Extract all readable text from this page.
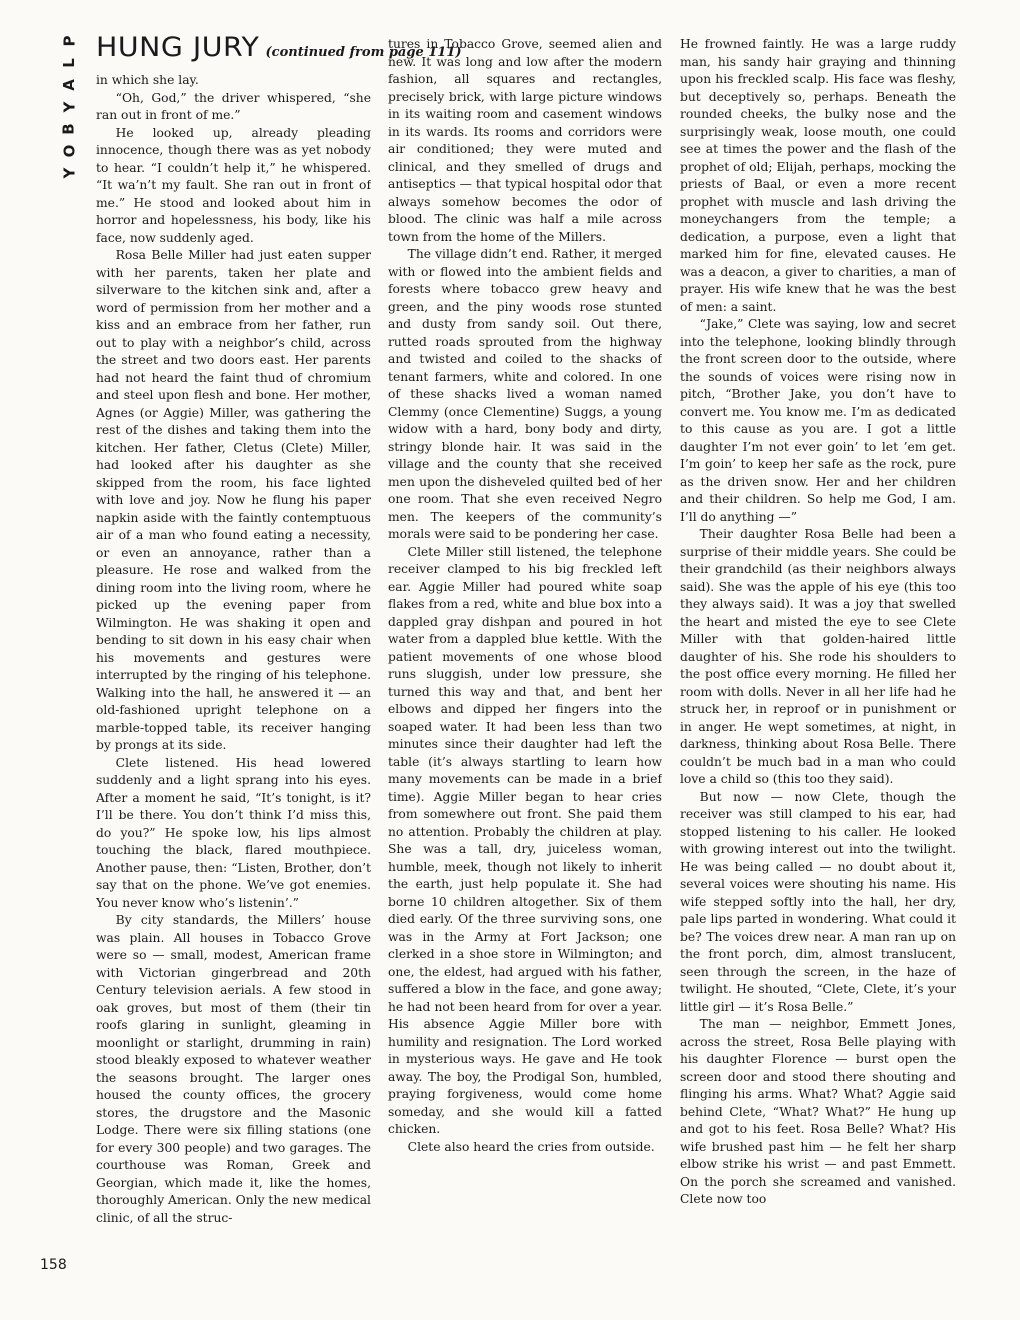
P
L
A
Y
B
O
Y
HUNG JURY (continued from page 111)

in which she lay.

“Oh, God,” the driver whispered, “she ran out in front of me.”

He looked up, already pleading innocence, though there was as yet nobody to hear. “I couldn’t help it,” he whispered. “It wa’n’t my fault. She ran out in front of me.” He stood and looked about him in horror and hopelessness, his body, like his face, now suddenly aged.

Rosa Belle Miller had just eaten supper with her parents, taken her plate and silverware to the kitchen sink and, after a word of permission from her mother and a kiss and an embrace from her father, run out to play with a neighbor’s child, across the street and two doors east. Her parents had not heard the faint thud of chromium and steel upon flesh and bone. Her mother, Agnes (or Aggie) Miller, was gathering the rest of the dishes and taking them into the kitchen. Her father, Cletus (Clete) Miller, had looked after his daughter as she skipped from the room, his face lighted with love and joy. Now he flung his paper napkin aside with the faintly contemptuous air of a man who found eating a necessity, or even an annoyance, rather than a pleasure. He rose and walked from the dining room into the living room, where he picked up the evening paper from Wilmington. He was shaking it open and bending to sit down in his easy chair when his movements and gestures were interrupted by the ringing of his telephone. Walking into the hall, he answered it — an old-fashioned upright telephone on a marble-topped table, its receiver hanging by prongs at its side.

Clete listened. His head lowered suddenly and a light sprang into his eyes. After a moment he said, “It’s tonight, is it? I’ll be there. You don’t think I’d miss this, do you?” He spoke low, his lips almost touching the black, flared mouthpiece. Another pause, then: “Listen, Brother, don’t say that on the phone. We’ve got enemies. You never know who’s listenin’.”

By city standards, the Millers’ house was plain. All houses in Tobacco Grove were so — small, modest, American frame with Victorian gingerbread and 20th Century television aerials. A few stood in oak groves, but most of them (their tin roofs glaring in sunlight, gleaming in moonlight or starlight, drumming in rain) stood bleakly exposed to whatever weather the seasons brought. The larger ones housed the county offices, the grocery stores, the drugstore and the Masonic Lodge. There were six filling stations (one for every 300 people) and two garages. The courthouse was Roman, Greek and Georgian, which made it, like the homes, thoroughly American. Only the new medical clinic, of all the struc-

tures in Tobacco Grove, seemed alien and new. It was long and low after the modern fashion, all squares and rectangles, precisely brick, with large picture windows in its waiting room and casement windows in its wards. Its rooms and corridors were air conditioned; they were muted and clinical, and they smelled of drugs and antiseptics — that typical hospital odor that always somehow becomes the odor of blood. The clinic was half a mile across town from the home of the Millers.

The village didn’t end. Rather, it merged with or flowed into the ambient fields and forests where tobacco grew heavy and green, and the piny woods rose stunted and dusty from sandy soil. Out there, rutted roads sprouted from the highway and twisted and coiled to the shacks of tenant farmers, white and colored. In one of these shacks lived a woman named Clemmy (once Clementine) Suggs, a young widow with a hard, bony body and dirty, stringy blonde hair. It was said in the village and the county that she received men upon the disheveled quilted bed of her one room. That she even received Negro men. The keepers of the community’s morals were said to be pondering her case.

Clete Miller still listened, the telephone receiver clamped to his big freckled left ear. Aggie Miller had poured white soap flakes from a red, white and blue box into a dappled gray dishpan and poured in hot water from a dappled blue kettle. With the patient movements of one whose blood runs sluggish, under low pressure, she turned this way and that, and bent her elbows and dipped her fingers into the soaped water. It had been less than two minutes since their daughter had left the table (it’s always startling to learn how many movements can be made in a brief time). Aggie Miller began to hear cries from somewhere out front. She paid them no attention. Probably the children at play. She was a tall, dry, juiceless woman, humble, meek, though not likely to inherit the earth, just help populate it. She had borne 10 children altogether. Six of them died early. Of the three surviving sons, one was in the Army at Fort Jackson; one clerked in a shoe store in Wilmington; and one, the eldest, had argued with his father, suffered a blow in the face, and gone away; he had not been heard from for over a year. His absence Aggie Miller bore with humility and resignation. The Lord worked in mysterious ways. He gave and He took away. The boy, the Prodigal Son, humbled, praying forgiveness, would come home someday, and she would kill a fatted chicken.

Clete also heard the cries from outside.

He frowned faintly. He was a large ruddy man, his sandy hair graying and thinning upon his freckled scalp. His face was fleshy, but deceptively so, perhaps. Beneath the rounded cheeks, the bulky nose and the surprisingly weak, loose mouth, one could see at times the power and the flash of the prophet of old; Elijah, perhaps, mocking the priests of Baal, or even a more recent prophet with muscle and lash driving the moneychangers from the temple; a dedication, a purpose, even a light that marked him for fine, elevated causes. He was a deacon, a giver to charities, a man of prayer. His wife knew that he was the best of men: a saint.

“Jake,” Clete was saying, low and secret into the telephone, looking blindly through the front screen door to the outside, where the sounds of voices were rising now in pitch, “Brother Jake, you don’t have to convert me. You know me. I’m as dedicated to this cause as you are. I got a little daughter I’m not ever goin’ to let ’em get. I’m goin’ to keep her safe as the rock, pure as the driven snow. Her and her children and their children. So help me God, I am. I’ll do anything —”

Their daughter Rosa Belle had been a surprise of their middle years. She could be their grandchild (as their neighbors always said). She was the apple of his eye (this too they always said). It was a joy that swelled the heart and misted the eye to see Clete Miller with that golden-haired little daughter of his. She rode his shoulders to the post office every morning. He filled her room with dolls. Never in all her life had he struck her, in reproof or in punishment or in anger. He wept sometimes, at night, in darkness, thinking about Rosa Belle. There couldn’t be much bad in a man who could love a child so (this too they said).

But now — now Clete, though the receiver was still clamped to his ear, had stopped listening to his caller. He looked with growing interest out into the twilight. He was being called — no doubt about it, several voices were shouting his name. His wife stepped softly into the hall, her dry, pale lips parted in wondering. What could it be? The voices drew near. A man ran up on the front porch, dim, almost translucent, seen through the screen, in the haze of twilight. He shouted, “Clete, Clete, it’s your little girl — it’s Rosa Belle.”

The man — neighbor, Emmett Jones, across the street, Rosa Belle playing with his daughter Florence — burst open the screen door and stood there shouting and flinging his arms. What? What? Aggie said behind Clete, “What? What?” He hung up and got to his feet. Rosa Belle? What? His wife brushed past him — he felt her sharp elbow strike his wrist — and past Emmett. On the porch she screamed and vanished. Clete now too

158
